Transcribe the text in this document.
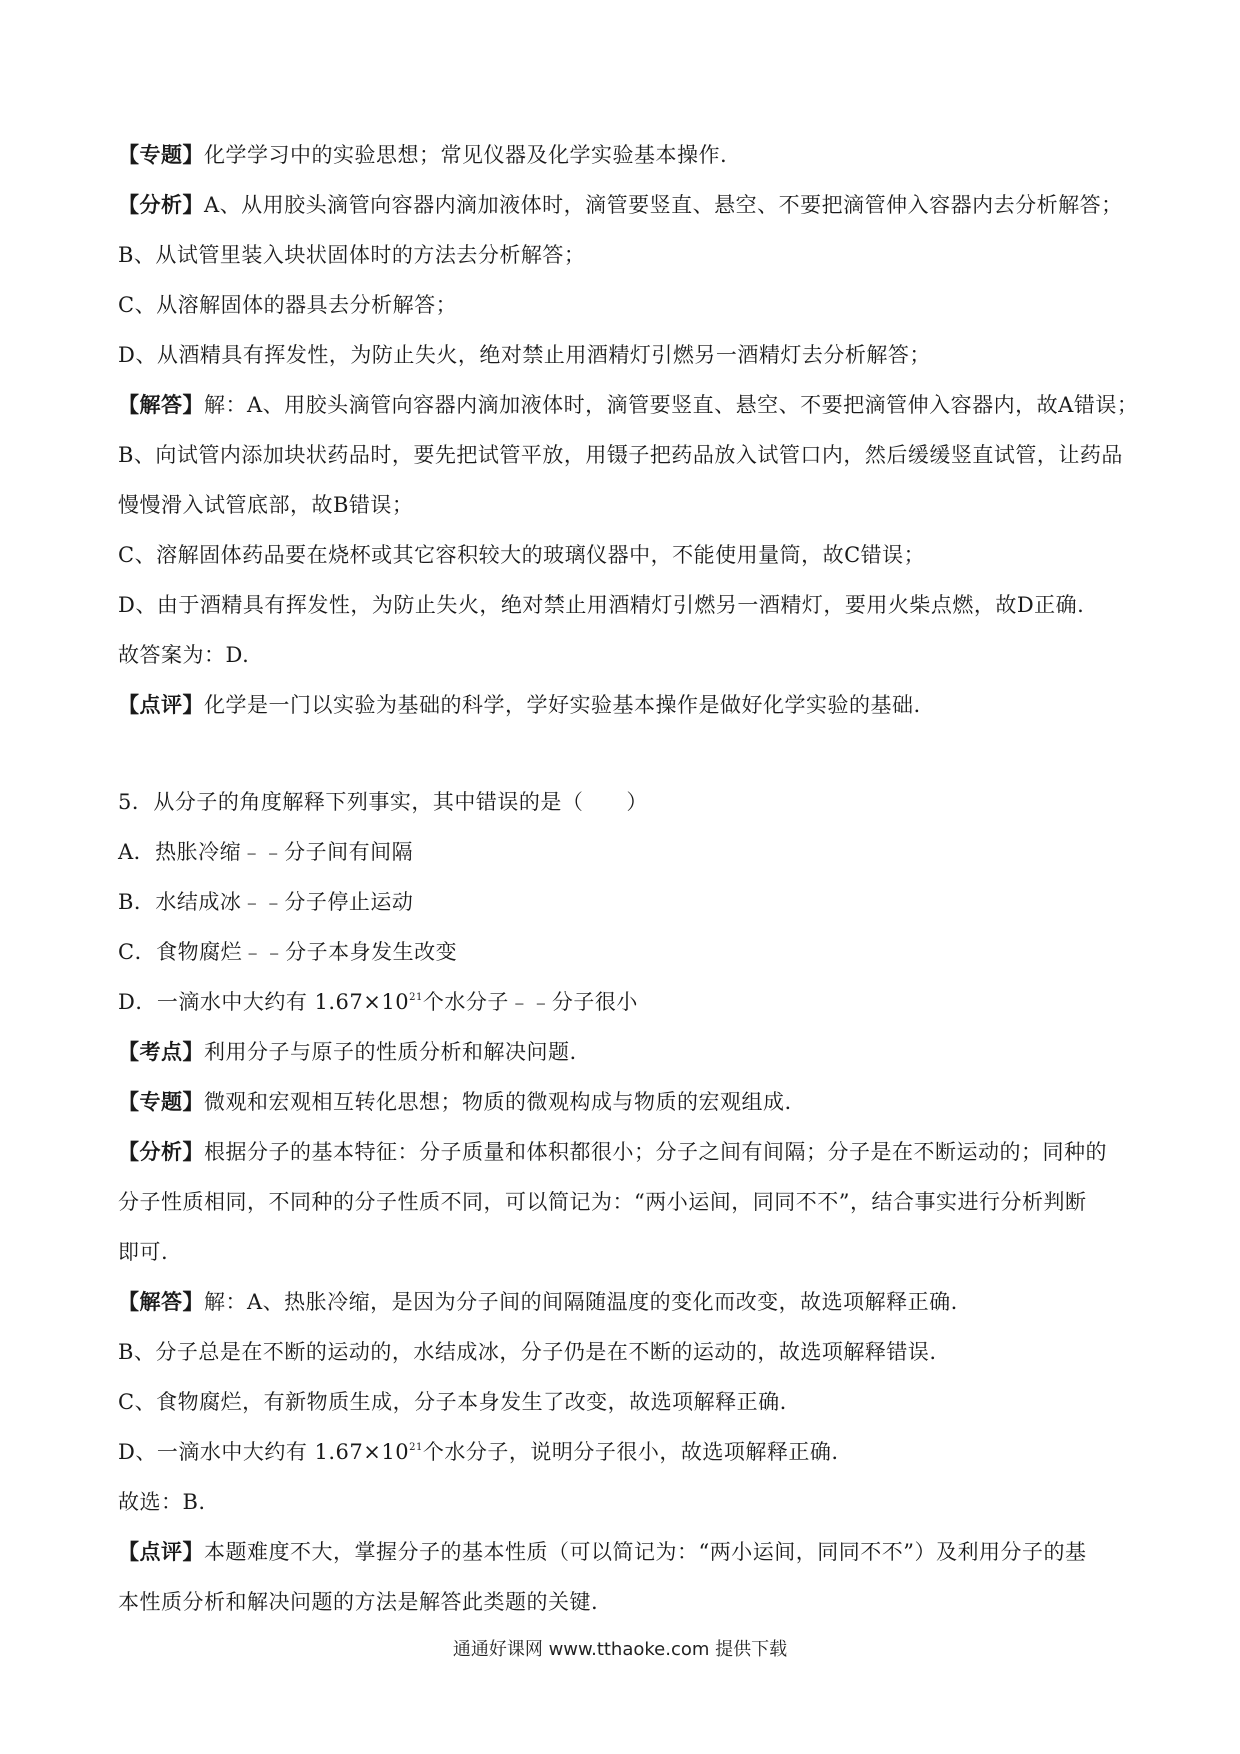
【专题】化学学习中的实验思想；常见仪器及化学实验基本操作.
【分析】A、从用胶头滴管向容器内滴加液体时，滴管要竖直、悬空、不要把滴管伸入容器内去分析解答；
B、从试管里装入块状固体时的方法去分析解答；
C、从溶解固体的器具去分析解答；
D、从酒精具有挥发性，为防止失火，绝对禁止用酒精灯引燃另一酒精灯去分析解答；
【解答】解：A、用胶头滴管向容器内滴加液体时，滴管要竖直、悬空、不要把滴管伸入容器内，故A错误；
B、向试管内添加块状药品时，要先把试管平放，用镊子把药品放入试管口内，然后缓缓竖直试管，让药品
慢慢滑入试管底部，故B错误；
C、溶解固体药品要在烧杯或其它容积较大的玻璃仪器中，不能使用量筒，故C错误；
D、由于酒精具有挥发性，为防止失火，绝对禁止用酒精灯引燃另一酒精灯，要用火柴点燃，故D正确.
故答案为：D.
【点评】化学是一门以实验为基础的科学，学好实验基本操作是做好化学实验的基础.
5．从分子的角度解释下列事实，其中错误的是（　　）
A．热胀冷缩﹣﹣分子间有间隔
B．水结成冰﹣﹣分子停止运动
C．食物腐烂﹣﹣分子本身发生改变
D．一滴水中大约有 $1.67\times 10^{21}$个水分子﹣﹣分子很小
【考点】利用分子与原子的性质分析和解决问题.
【专题】微观和宏观相互转化思想；物质的微观构成与物质的宏观组成.
【分析】根据分子的基本特征：分子质量和体积都很小；分子之间有间隔；分子是在不断运动的；同种的
分子性质相同，不同种的分子性质不同，可以简记为：“两小运间，同同不不”，结合事实进行分析判断
即可.
【解答】解：A、热胀冷缩，是因为分子间的间隔随温度的变化而改变，故选项解释正确.
B、分子总是在不断的运动的，水结成冰，分子仍是在不断的运动的，故选项解释错误.
C、食物腐烂，有新物质生成，分子本身发生了改变，故选项解释正确.
D、一滴水中大约有 $1.67\times 10^{21}$个水分子，说明分子很小，故选项解释正确.
故选：B.
【点评】本题难度不大，掌握分子的基本性质（可以简记为：“两小运间，同同不不”）及利用分子的基
本性质分析和解决问题的方法是解答此类题的关键.
通通好课网 www.tthaoke.com 提供下载
